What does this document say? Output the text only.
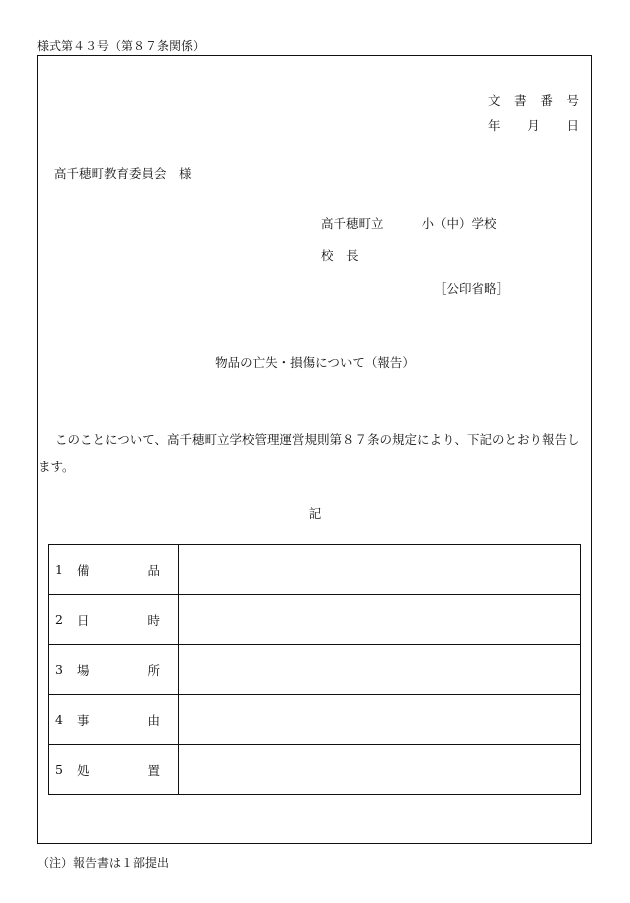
様式第４３号（第８７条関係）
文 書 番 号
年 月 日
高千穂町教育委員会　様
高千穂町立	小（中）学校
校　長
［公印省略］
物品の亡失・損傷について（報告）
このことについて、高千穂町立学校管理運営規則第８７条の規定により、下記のとおり報告します。
記
1 備 品	

2 日 時	

3 場 所	

4 事 由	

5 処 置	

（注）報告書は１部提出
